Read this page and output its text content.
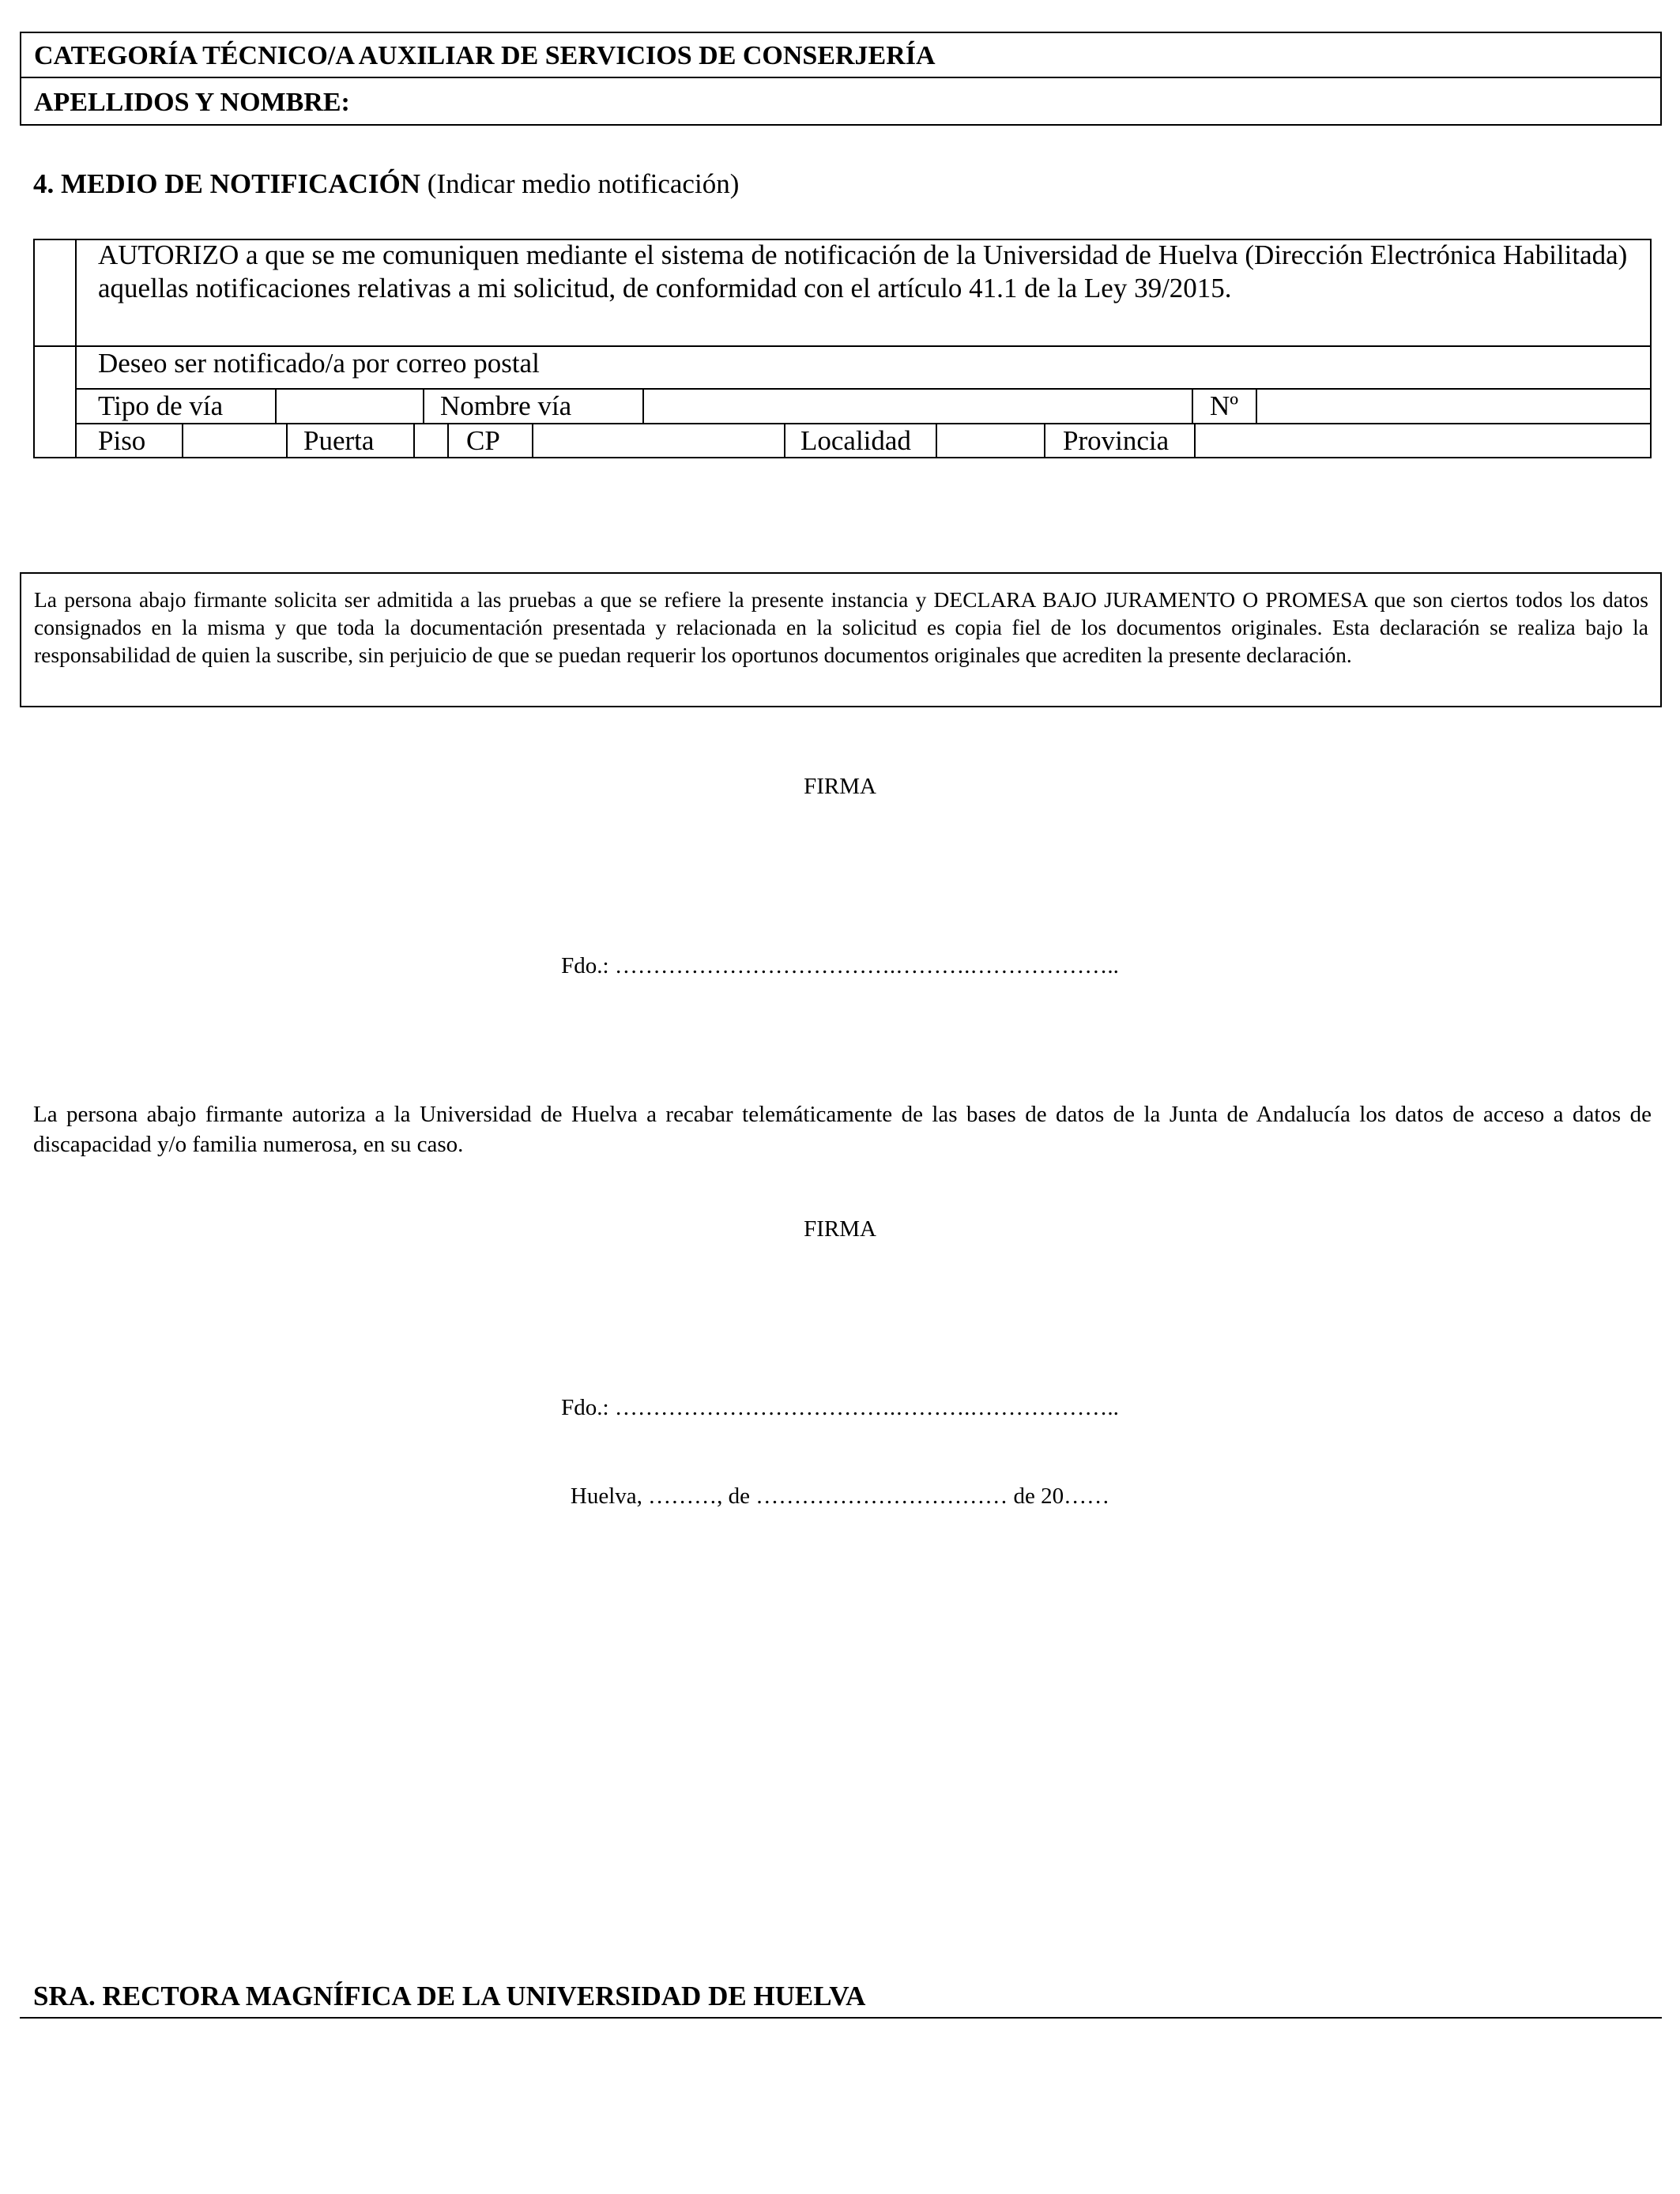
CATEGORÍA TÉCNICO/A AUXILIAR DE SERVICIOS DE CONSERJERÍA
APELLIDOS Y NOMBRE:
4. MEDIO DE NOTIFICACIÓN (Indicar medio notificación)
AUTORIZO a que se me comuniquen mediante el sistema de notificación de la Universidad de Huelva (Dirección Electrónica Habilitada) aquellas notificaciones relativas a mi solicitud, de conformidad con el artículo 41.1 de la Ley 39/2015.
Deseo ser notificado/a por correo postal
Tipo de vía	Nombre vía	Nº
Piso	Puerta	CP	Localidad	Provincia
La persona abajo firmante solicita ser admitida a las pruebas a que se refiere la presente instancia y DECLARA BAJO JURAMENTO O PROMESA que son ciertos todos los datos consignados en la misma y que toda la documentación presentada y relacionada en la solicitud es copia fiel de los documentos originales. Esta declaración se realiza bajo la responsabilidad de quien la suscribe, sin perjuicio de que se puedan requerir los oportunos documentos originales que acrediten la presente declaración.
FIRMA
Fdo.: ……………………………….……….………………..
La persona abajo firmante autoriza a la Universidad de Huelva a recabar telemáticamente de las bases de datos de la Junta de Andalucía los datos de acceso a datos de discapacidad y/o familia numerosa, en su caso.
FIRMA
Fdo.: ……………………………….……….………………..
Huelva, ………, de …………………………… de 20……
SRA. RECTORA MAGNÍFICA DE LA UNIVERSIDAD DE HUELVA
